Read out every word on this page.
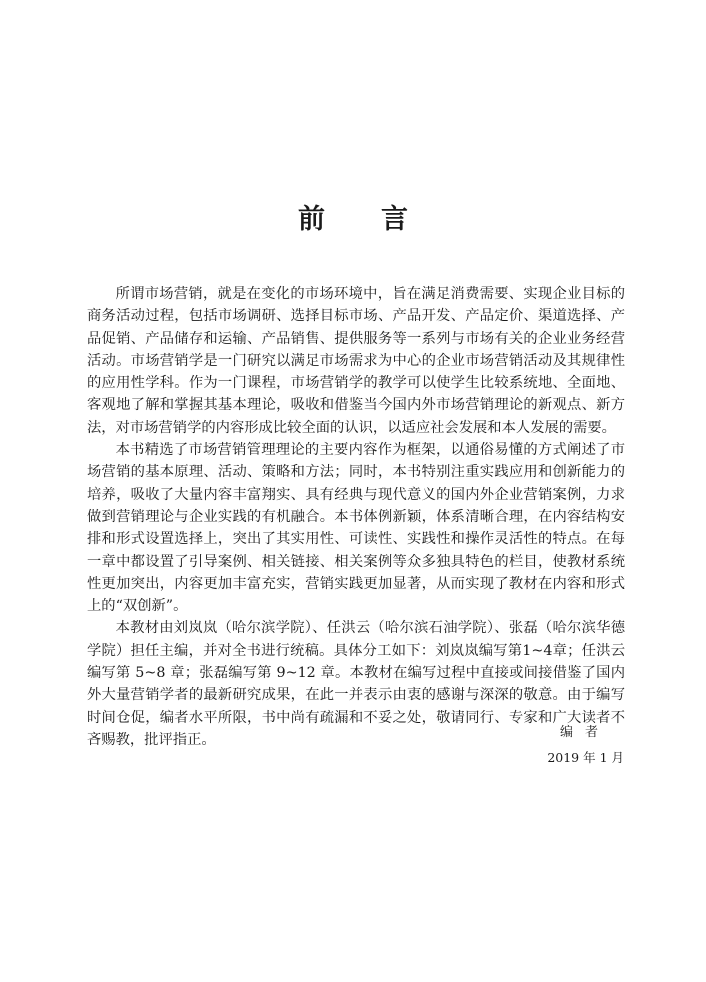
前言

所谓市场营销，就是在变化的市场环境中，旨在满足消费需要、实现企业目标的商务活动过程，包括市场调研、选择目标市场、产品开发、产品定价、渠道选择、产品促销、产品储存和运输、产品销售、提供服务等一系列与市场有关的企业业务经营活动。市场营销学是一门研究以满足市场需求为中心的企业市场营销活动及其规律性的应用性学科。作为一门课程，市场营销学的教学可以使学生比较系统地、全面地、客观地了解和掌握其基本理论，吸收和借鉴当今国内外市场营销理论的新观点、新方法，对市场营销学的内容形成比较全面的认识，以适应社会发展和本人发展的需要。

本书精选了市场营销管理理论的主要内容作为框架，以通俗易懂的方式阐述了市场营销的基本原理、活动、策略和方法；同时，本书特别注重实践应用和创新能力的培养，吸收了大量内容丰富翔实、具有经典与现代意义的国内外企业营销案例，力求做到营销理论与企业实践的有机融合。本书体例新颖，体系清晰合理，在内容结构安排和形式设置选择上，突出了其实用性、可读性、实践性和操作灵活性的特点。在每一章中都设置了引导案例、相关链接、相关案例等众多独具特色的栏目，使教材系统性更加突出，内容更加丰富充实，营销实践更加显著，从而实现了教材在内容和形式上的“双创新”。

本教材由刘岚岚（哈尔滨学院）、任洪云（哈尔滨石油学院）、张磊（哈尔滨华德学院）担任主编，并对全书进行统稿。具体分工如下：刘岚岚编写第1~4章；任洪云编写第 5~8 章；张磊编写第 9~12 章。本教材在编写过程中直接或间接借鉴了国内外大量营销学者的最新研究成果，在此一并表示由衷的感谢与深深的敬意。由于编写时间仓促，编者水平所限，书中尚有疏漏和不妥之处，敬请同行、专家和广大读者不吝赐教，批评指正。	编者
2019 年 1 月
